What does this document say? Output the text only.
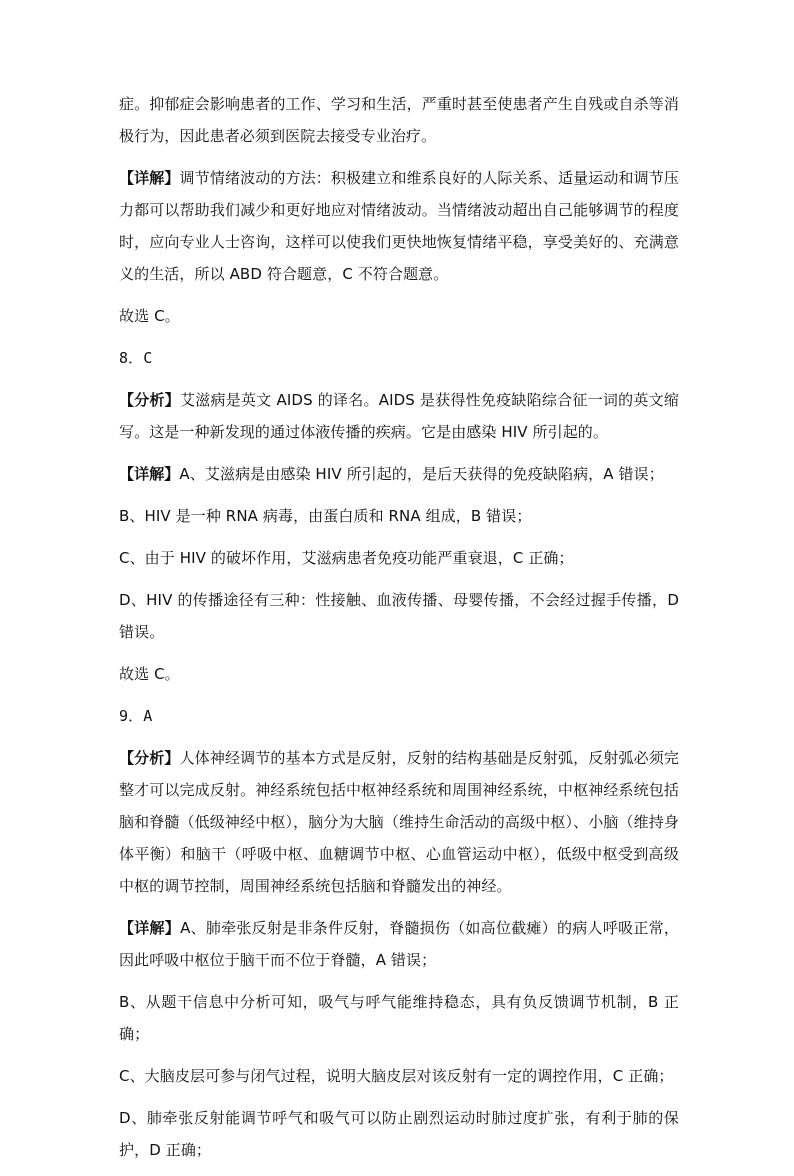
症。抑郁症会影响患者的工作、学习和生活，严重时甚至使患者产生自残或自杀等消极行为，因此患者必须到医院去接受专业治疗。

【详解】调节情绪波动的方法：积极建立和维系良好的人际关系、适量运动和调节压力都可以帮助我们减少和更好地应对情绪波动。当情绪波动超出自己能够调节的程度时，应向专业人士咨询，这样可以使我们更快地恢复情绪平稳，享受美好的、充满意义的生活，所以 ABD 符合题意，C 不符合题意。

故选 C。

8．C

【分析】艾滋病是英文 AIDS 的译名。AIDS 是获得性免疫缺陷综合征一词的英文缩写。这是一种新发现的通过体液传播的疾病。它是由感染 HIV 所引起的。

【详解】A、艾滋病是由感染 HIV 所引起的，是后天获得的免疫缺陷病，A 错误；

B、HIV 是一种 RNA 病毒，由蛋白质和 RNA 组成，B 错误；

C、由于 HIV 的破坏作用，艾滋病患者免疫功能严重衰退，C 正确；

D、HIV 的传播途径有三种：性接触、血液传播、母婴传播，不会经过握手传播，D 错误。

故选 C。

9．A

【分析】人体神经调节的基本方式是反射，反射的结构基础是反射弧，反射弧必须完整才可以完成反射。神经系统包括中枢神经系统和周围神经系统，中枢神经系统包括脑和脊髓（低级神经中枢），脑分为大脑（维持生命活动的高级中枢）、小脑（维持身体平衡）和脑干（呼吸中枢、血糖调节中枢、心血管运动中枢），低级中枢受到高级中枢的调节控制，周围神经系统包括脑和脊髓发出的神经。

【详解】A、肺牵张反射是非条件反射，脊髓损伤（如高位截瘫）的病人呼吸正常，因此呼吸中枢位于脑干而不位于脊髓，A 错误；

B、从题干信息中分析可知，吸气与呼气能维持稳态，具有负反馈调节机制，B 正确；

C、大脑皮层可参与闭气过程，说明大脑皮层对该反射有一定的调控作用，C 正确；

D、肺牵张反射能调节呼气和吸气可以防止剧烈运动时肺过度扩张，有利于肺的保护，D 正确；
